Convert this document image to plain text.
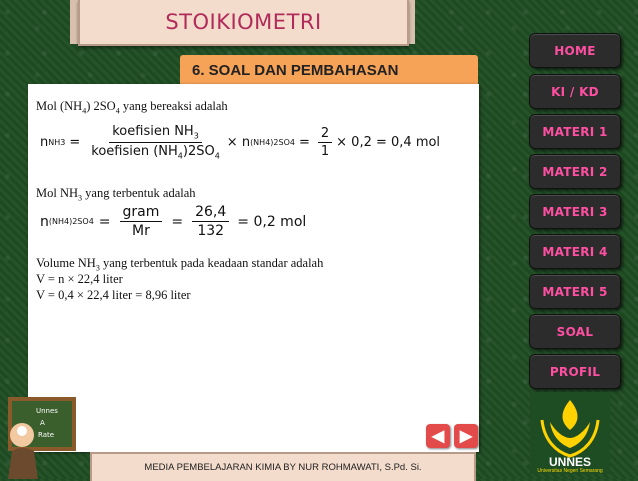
STOIKIOMETRI
6. SOAL DAN PEMBAHASAN
Mol $(NH_4)$ $2SO_4$ yang bereaksi adalah
n $NH3 = \frac{koefisien NH_3}{koefisien (NH_4)2SO_4} \times n$ $(NH4)2SO4 = \frac{2}{1} \times 0,2 = 0,4$ mol
Mol $NH_3$ yang terbentuk adalah
n $(NH4)2SO4 = \frac{\text{gram}}{Mr} = \frac{26,4}{132} = 0,2$ mol
Volume $NH_3$ yang terbentuk pada keadaan standar adalah
V = n × 22,4 liter
V = 0,4 × 22,4 liter = 8,96 liter
HOME
KI / KD
MATERI 1
MATERI 2
MATERI 3
MATERI 4
MATERI 5
SOAL
PROFIL
◀ ▶
UNNES
Universitas Negeri Semarang
Unnes
A
Rate
MEDIA PEMBELAJARAN KIMIA BY NUR ROHMAWATI, S.Pd. Si.
